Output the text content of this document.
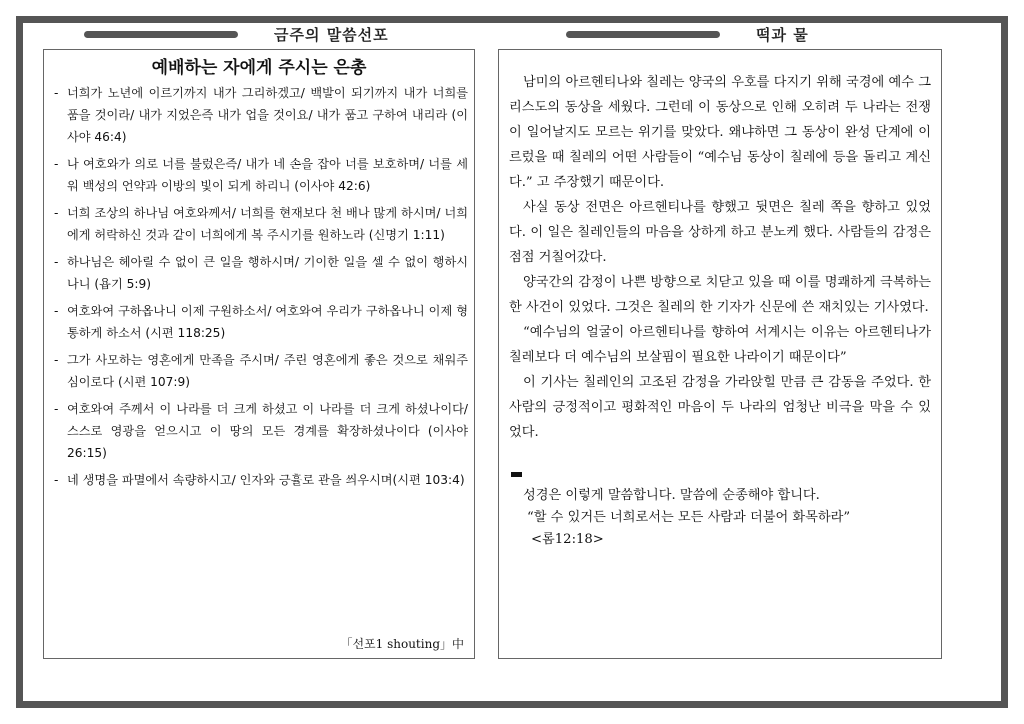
금주의 말씀선포	떡과 물
예배하는 자에게 주시는 은총
- 너희가 노년에 이르기까지 내가 그리하겠고/ 백발이 되기까지 내가 너희를 품을 것이라/ 내가 지었은즉 내가 업을 것이요/ 내가 품고 구하여 내리라 (이사야 46:4)
- 나 여호와가 의로 너를 불렀은즉/ 내가 네 손을 잡아 너를 보호하며/ 너를 세워 백성의 언약과 이방의 빛이 되게 하리니 (이사야 42:6)
- 너희 조상의 하나님 여호와께서/ 너희를 현재보다 천 배나 많게 하시며/ 너희에게 허락하신 것과 같이 너희에게 복 주시기를 원하노라 (신명기 1:11)
- 하나님은 헤아릴 수 없이 큰 일을 행하시며/ 기이한 일을 셀 수 없이 행하시나니 (욥기 5:9)
- 여호와여 구하옵나니 이제 구원하소서/ 여호와여 우리가 구하옵나니 이제 형통하게 하소서 (시편 118:25)
- 그가 사모하는 영혼에게 만족을 주시며/ 주린 영혼에게 좋은 것으로 채워주심이로다 (시편 107:9)
- 여호와여 주께서 이 나라를 더 크게 하셨고 이 나라를 더 크게 하셨나이다/ 스스로 영광을 얻으시고 이 땅의 모든 경계를 확장하셨나이다 (이사야 26:15)
- 네 생명을 파멸에서 속량하시고/ 인자와 긍휼로 관을 씌우시며(시편 103:4)
「선포1 shouting」中

남미의 아르헨티나와 칠레는 양국의 우호를 다지기 위해 국경에 예수 그리스도의 동상을 세웠다. 그런데 이 동상으로 인해 오히려 두 나라는 전쟁이 일어날지도 모르는 위기를 맞았다. 왜냐하면 그 동상이 완성 단계에 이르렀을 때 칠레의 어떤 사람들이 “예수님 동상이 칠레에 등을 돌리고 계신다.” 고 주장했기 때문이다.

사실 동상 전면은 아르헨티나를 향했고 뒷면은 칠레 쪽을 향하고 있었다. 이 일은 칠레인들의 마음을 상하게 하고 분노케 했다. 사람들의 감정은 점점 거칠어갔다.

양국간의 감정이 나쁜 방향으로 치닫고 있을 때 이를 명쾌하게 극복하는 한 사건이 있었다. 그것은 칠레의 한 기자가 신문에 쓴 재치있는 기사였다.

“예수님의 얼굴이 아르헨티나를 향하여 서계시는 이유는 아르헨티나가 칠레보다 더 예수님의 보살핌이 필요한 나라이기 때문이다”

이 기사는 칠레인의 고조된 감정을 가라앉힐 만큼 큰 감동을 주었다. 한 사람의 긍정적이고 평화적인 마음이 두 나라의 엄청난 비극을 막을 수 있었다.

성경은 이렇게 말씀합니다. 말씀에 순종해야 합니다.
“할 수 있거든 너희로서는 모든 사람과 더불어 화목하라”
<롬12:18>
